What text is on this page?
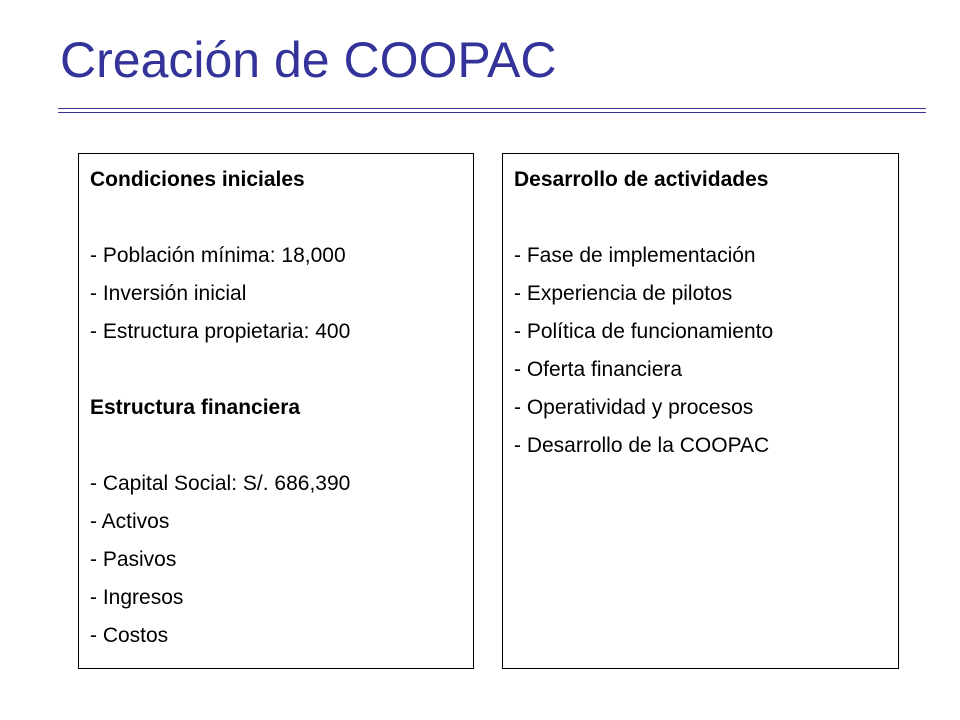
Creación de COOPAC
Condiciones iniciales
- Población mínima: 18,000
- Inversión inicial
- Estructura propietaria: 400
Estructura financiera
- Capital Social: S/. 686,390
- Activos
- Pasivos
- Ingresos
- Costos
Desarrollo de actividades
- Fase de implementación
- Experiencia de pilotos
- Política de funcionamiento
- Oferta financiera
- Operatividad y procesos
- Desarrollo de la COOPAC
